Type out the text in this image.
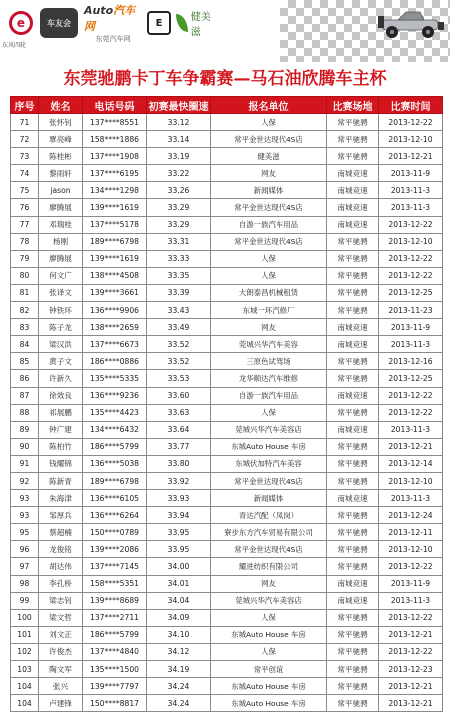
e
东风四轮
车友会
Auto汽车网
东莞汽车网
E	健美滋
东莞驰鹏卡丁车争霸赛—马石油欣腾车主杯
序号	姓名	电话号码	初赛最快圈速	报名单位	比赛场地	比赛时间
71	张怀钊	137****8551	33.12	人保	常平驰骋	2013-12-22
72	覃亮峰	158****1886	33.14	常平金世达现代4S店	常平驰骋	2013-12-10
73	陈桂彬	137****1908	33.19	健美滋	常平驰骋	2013-12-21
74	黎雨轩	137****6195	33.22	网友	南城竞速	2013-11-9
75	jason	134****1298	33.26	新闻媒体	南城竞速	2013-11-3
76	廖腾展	139****1619	33.29	常平金世达现代4S店	南城竞速	2013-11-3
77	邓瑞桂	137****5178	33.29	自游一族汽车用品	南城竞速	2013-12-22
78	杨刚	189****6798	33.31	常平金世达现代4S店	常平驰骋	2013-12-10
79	廖腾展	139****1619	33.33	人保	常平驰骋	2013-12-22
80	何文广	138****4508	33.35	人保	常平驰骋	2013-12-22
81	张译文	139****3661	33.39	大朗泰昌机械租赁	常平驰骋	2013-12-25
82	钟铁环	136****9906	33.43	东城一环汽修厂	常平驰骋	2013-11-23
83	陈子龙	138****2659	33.49	网友	南城竞速	2013-11-9
84	梁汉洪	137****6673	33.52	莞城兴华汽车美容	南城竞速	2013-11-3
85	黄子文	186****0886	33.52	三原色试驾场	常平驰骋	2013-12-16
86	许新久	135****5335	33.53	龙华顺达汽车维修	常平驰骋	2013-12-25
87	徐效良	136****9236	33.60	自游一族汽车用品	南城竞速	2013-12-22
88	祁展鹏	135****4423	33.63	人保	常平驰骋	2013-12-22
89	钟广建	134****6432	33.64	莞城兴华汽车美容店	南城竞速	2013-11-3
90	陈柏竹	186****5799	33.77	东城Auto House 车房	常平驰骋	2013-12-21
91	钱耀锦	136****5038	33.80	东城伏加特汽车美容	常平驰骋	2013-12-14
92	陈新青	189****6798	33.92	常平金世达现代4S店	常平驰骋	2013-12-10
93	朱海津	136****6105	33.93	新闻媒体	南城竞速	2013-11-3
93	邹厚兵	136****6264	33.94	青达汽配（凤岗）	常平驰骋	2013-12-24
95	蔡超楠	150****0789	33.95	寮步东方汽车贸易有限公司	常平驰骋	2013-12-11
96	龙俊铭	139****2086	33.95	常平金世达现代4S店	常平驰骋	2013-12-10
97	胡达伟	137****7145	34.00	耀进纺织有限公司	常平驰骋	2013-12-22
98	李孔桥	158****5351	34.01	网友	南城竞速	2013-11-9
99	梁志钊	139****8689	34.04	莞城兴华汽车美容店	南城竞速	2013-11-3
100	梁文哲	137****2711	34.09	人保	常平驰骋	2013-12-22
101	刘文正	186****5799	34.10	东城Auto House 车房	常平驰骋	2013-12-21
102	许俊杰	137****4840	34.12	人保	常平驰骋	2013-12-22
103	陶文军	135****1500	34.19	常平创谊	常平驰骋	2013-12-23
104	张兴	139****7797	34.24	东城Auto House 车房	常平驰骋	2013-12-21
104	卢建锋	150****8817	34.24	东城Auto House 车房	常平驰骋	2013-12-21
